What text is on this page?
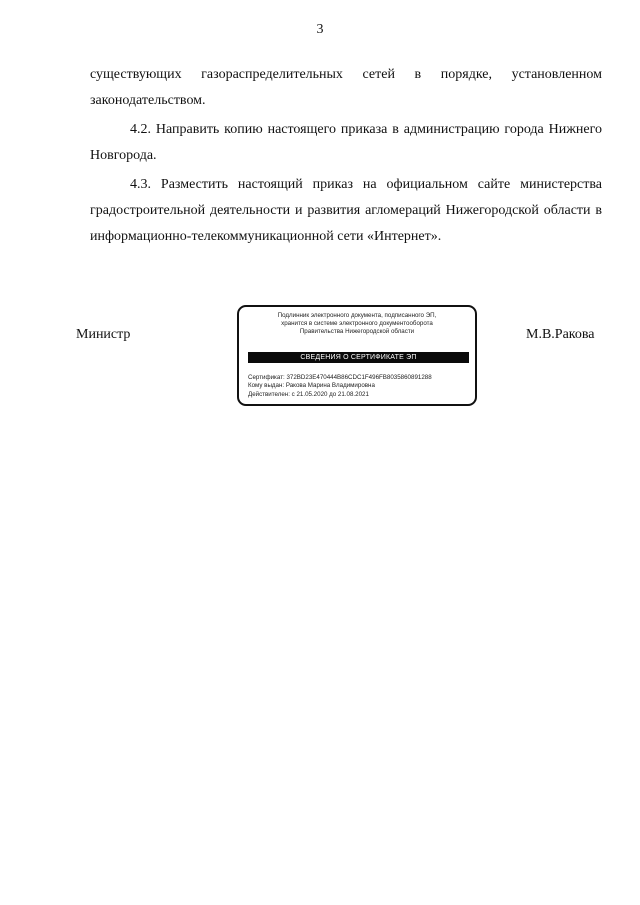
3

существующих газораспределительных сетей в порядке, установленном законодательством.

4.2. Направить копию настоящего приказа в администрацию города Нижнего Новгорода.

4.3. Разместить настоящий приказ на официальном сайте министерства градостроительной деятельности и развития агломераций Нижегородской области в информационно-телекоммуникационной сети «Интернет».

Министр	М.В.Ракова
Подлинник электронного документа, подписанного ЭП,
хранится в системе электронного документооборота
Правительства Нижегородской области
СВЕДЕНИЯ О СЕРТИФИКАТЕ ЭП
Сертификат: 372BD23E470444B86CDC1F496FB8035860891288
Кому выдан: Ракова Марина Владимировна
Действителен: с 21.05.2020 до 21.08.2021
